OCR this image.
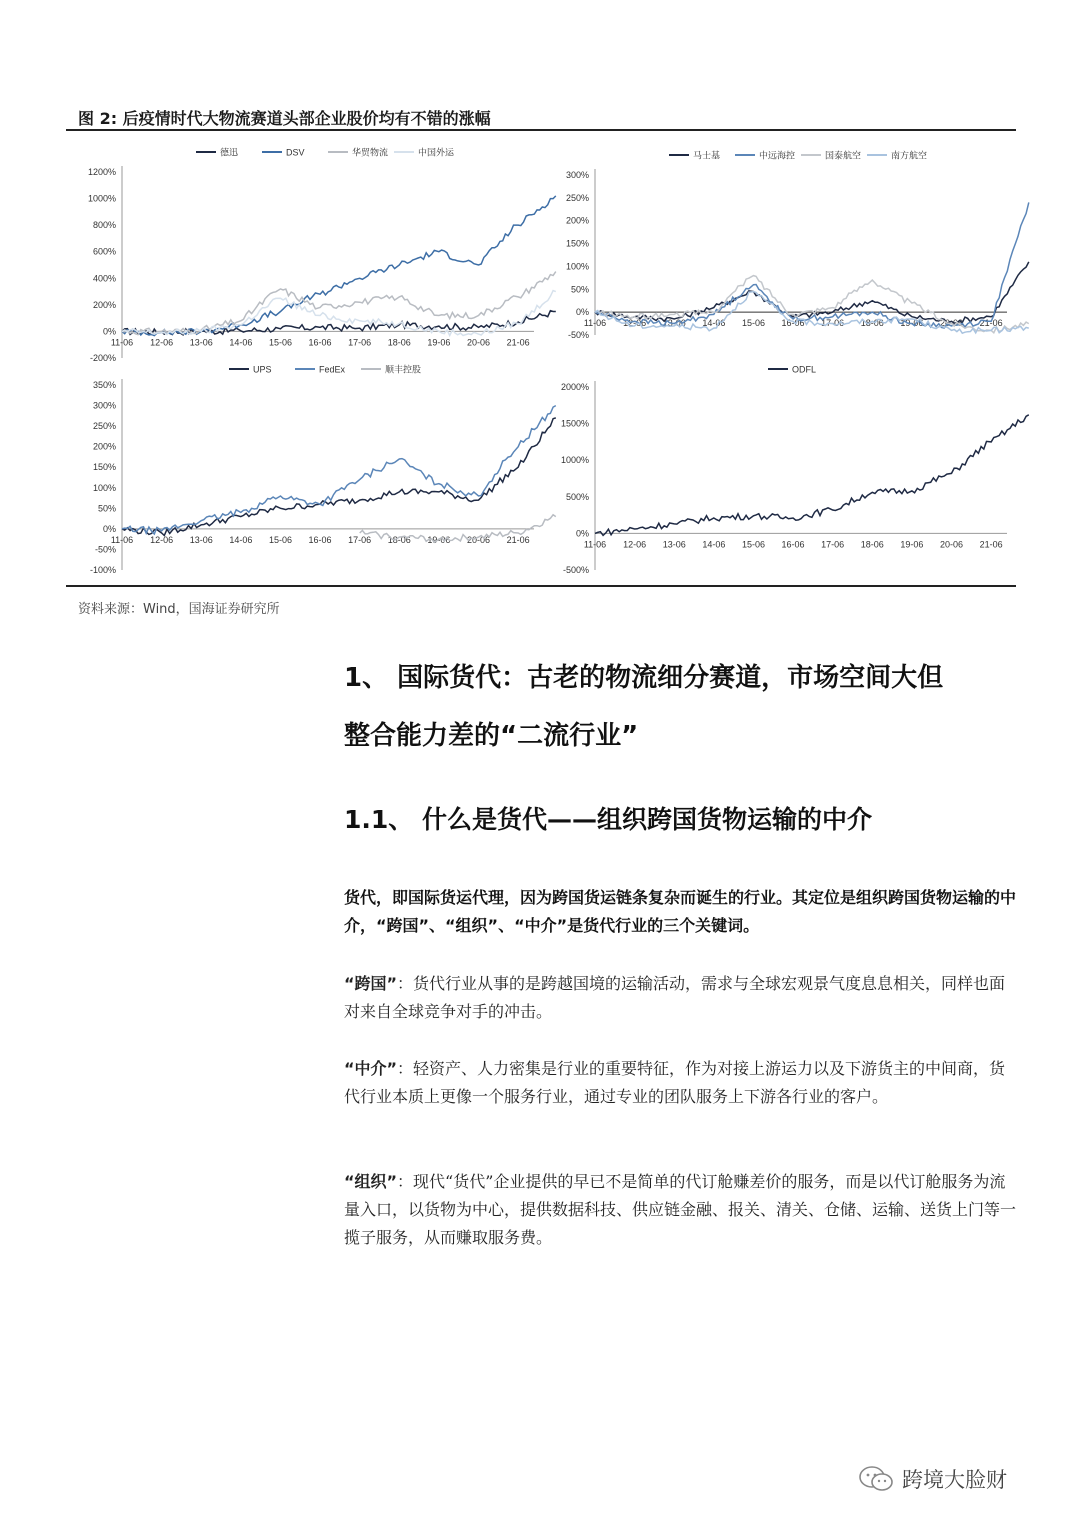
图 2: 后疫情时代大物流赛道头部企业股价均有不错的涨幅
-200%
0%
200%
400%
600%
800%
1000%
1200%
11-06 12-06 13-06 14-06 15-06 16-06 17-06 18-06 19-06 20-06 21-06
德迅	DSV	华贸物流	中国外运
-50%
0%
50%
100%
150%
200%
250%
300%
11-06 12-06 13-06 14-06 15-06 16-06 17-06 18-06 19-06 20-06 21-06
马士基	中远海控	国泰航空	南方航空
-100%
-50%
0%
50%
100%
150%
200%
250%
300%
350%
11-06 12-06 13-06 14-06 15-06 16-06 17-06 18-06 19-06 20-06 21-06
UPS	FedEx	顺丰控股
-500%
0%
500%
1000%
1500%
2000%
11-06 12-06 13-06 14-06 15-06 16-06 17-06 18-06 19-06 20-06 21-06
ODFL
资料来源：Wind，国海证券研究所
1、 国际货代：古老的物流细分赛道，市场空间大但
整合能力差的“二流行业”
1.1、 什么是货代——组织跨国货物运输的中介
货代，即国际货运代理，因为跨国货运链条复杂而诞生的行业。其定位是组织跨国货物运输的中介，“跨国”、“组织”、“中介”是货代行业的三个关键词。
“跨国”：货代行业从事的是跨越国境的运输活动，需求与全球宏观景气度息息相关，同样也面对来自全球竞争对手的冲击。
“中介”：轻资产、人力密集是行业的重要特征，作为对接上游运力以及下游货主的中间商，货代行业本质上更像一个服务行业，通过专业的团队服务上下游各行业的客户。
“组织”：现代“货代”企业提供的早已不是简单的代订舱赚差价的服务，而是以代订舱服务为流量入口，以货物为中心，提供数据科技、供应链金融、报关、清关、仓储、运输、送货上门等一揽子服务，从而赚取服务费。
跨境大脸财
